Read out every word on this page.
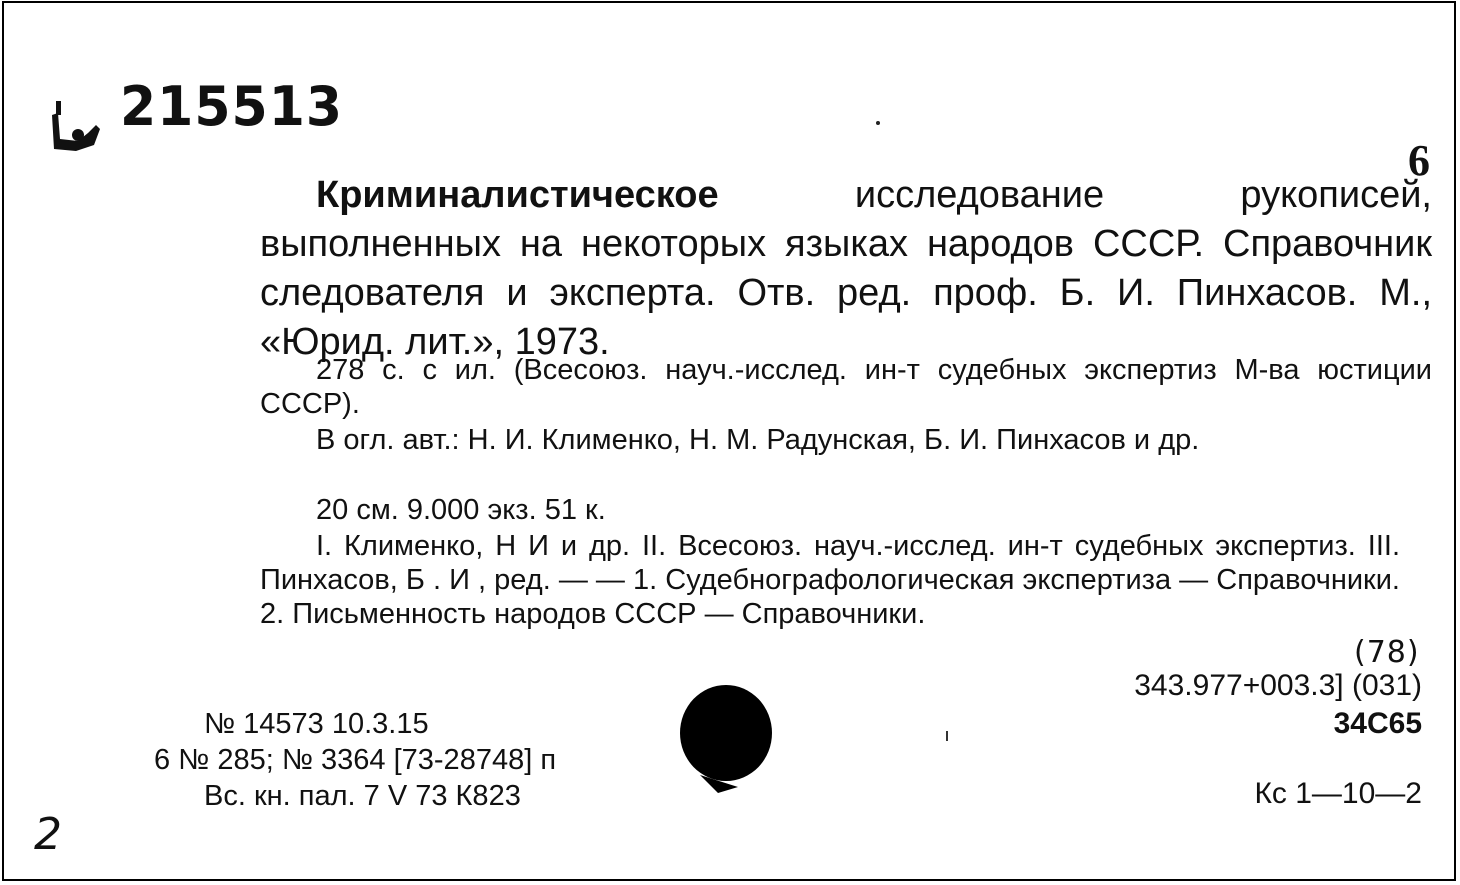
215513
6
Криминалистическое исследование рукописей, выполненных на некоторых языках народов СССР. Справочник следователя и эксперта. Отв. ред. проф. Б. И. Пинхасов. М., «Юрид. лит.», 1973.
278 с. с ил. (Всесоюз. науч.-исслед. ин-т судебных экспертиз М-ва юстиции СССР).
В огл. авт.: Н. И. Клименко, Н. М. Радунская, Б. И. Пинхасов и др.
20 см. 9.000 экз. 51 к.
I. Клименко, Н И и др. II. Всесоюз. науч.-исслед. ин-т судебных экспертиз. III. Пинхасов, Б . И , ред. — — 1. Судебнографологическая экспертиза — Справочники. 2. Письменность народов СССР — Справочники.
(78)
343.977+003.3] (031)
34С65
Кс 1—10—2
№ 14573 10.3.15
6 № 285; № 3364 [73-28748] п
Вс. кн. пал. 7 V 73 К823
2
